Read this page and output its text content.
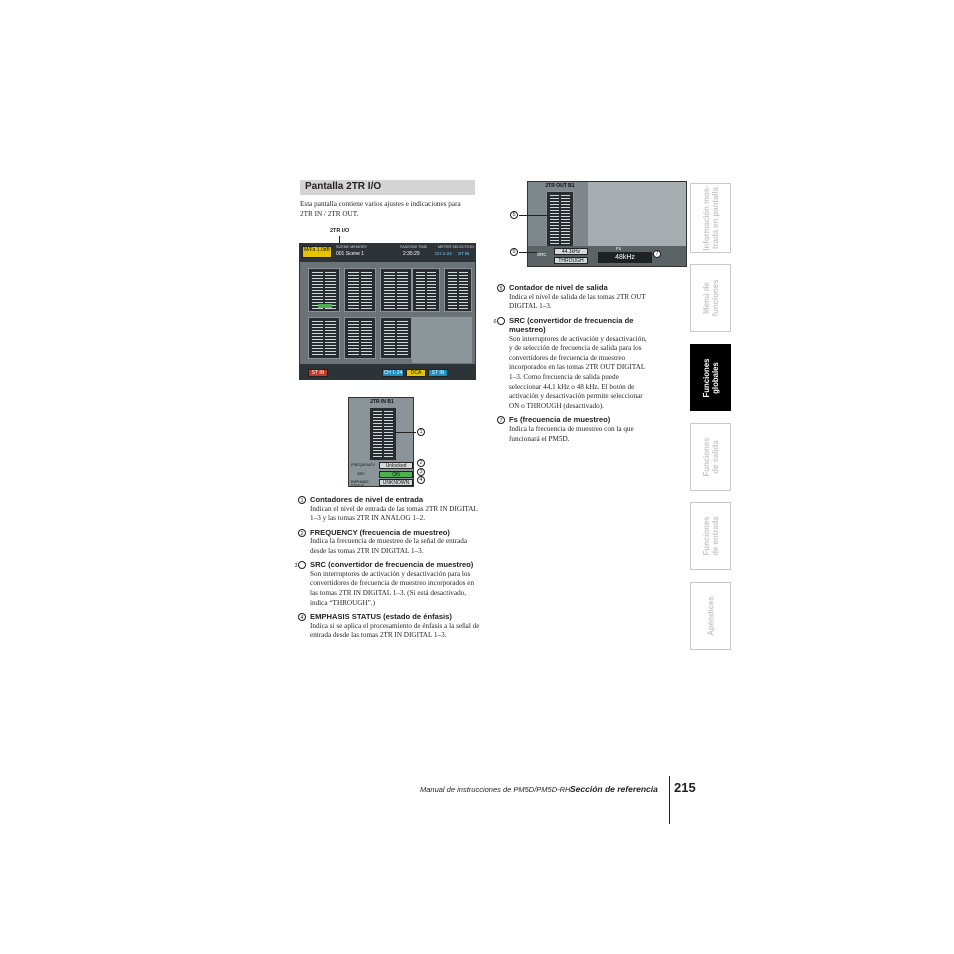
Pantalla 2TR I/O
Esta pantalla contiene varios ajustes e indicaciones para 2TR IN / 2TR OUT.
2TR I/O
M/Fa 1.0dB	SCENE MEMORY	FADE/SW TIME	METER SELECTION
001 Scene 1	2:35:29	CH 1-24 ST IN
ST IN	CH 1-24	DCA	ST IN
2TR IN B1
FREQUENCY	Unlocked
SRC	ON
EMPHASIS STATUS	UNKNOWN
1
2
3
4
1 Contadores de nivel de entrada
Indican el nivel de entrada de las tomas 2TR IN DIGITAL 1–3 y las tomas 2TR IN ANALOG 1–2.
2 FREQUENCY (frecuencia de muestreo)
Indica la frecuencia de muestreo de la señal de entrada desde las tomas 2TR IN DIGITAL 1–3.
3 SRC (convertidor de frecuencia de muestreo)
Son interruptores de activación y desactivación para los convertidores de frecuencia de muestreo incorporados en las tomas 2TR IN DIGITAL 1–3. (Si está desactivado, indica “THROUGH”.)
4 EMPHASIS STATUS (estado de énfasis)
Indica si se aplica el procesamiento de énfasis a la señal de entrada desde las tomas 2TR IN DIGITAL 1–3.
2TR OUT B1
SRC	44.1kHz
THROUGH
Fs
48kHz
5
6	7
5 Contador de nivel de salida
Indica el nivel de salida de las tomas 2TR OUT DIGITAL 1–3.
6 SRC (convertidor de frecuencia de muestreo)
Son interruptores de activación y desactivación, y de selección de frecuencia de salida para los convertidores de frecuencia de muestreo incorporados en las tomas 2TR OUT DIGITAL 1–3. Como frecuencia de salida puede seleccionar 44,1 kHz o 48 kHz. El botón de activación y desactivación permite seleccionar ON o THROUGH (desactivado).
7 Fs (frecuencia de muestreo)
Indica la frecuencia de muestreo con la que funcionará el PM5D.
Información mos-
trada en pantalla
Menú de
funciones
Funciones
globales
Funciones
de salida
Funciones
de entrada
Apéndices
Manual de instrucciones de PM5D/PM5D-RH Sección de referencia 215
